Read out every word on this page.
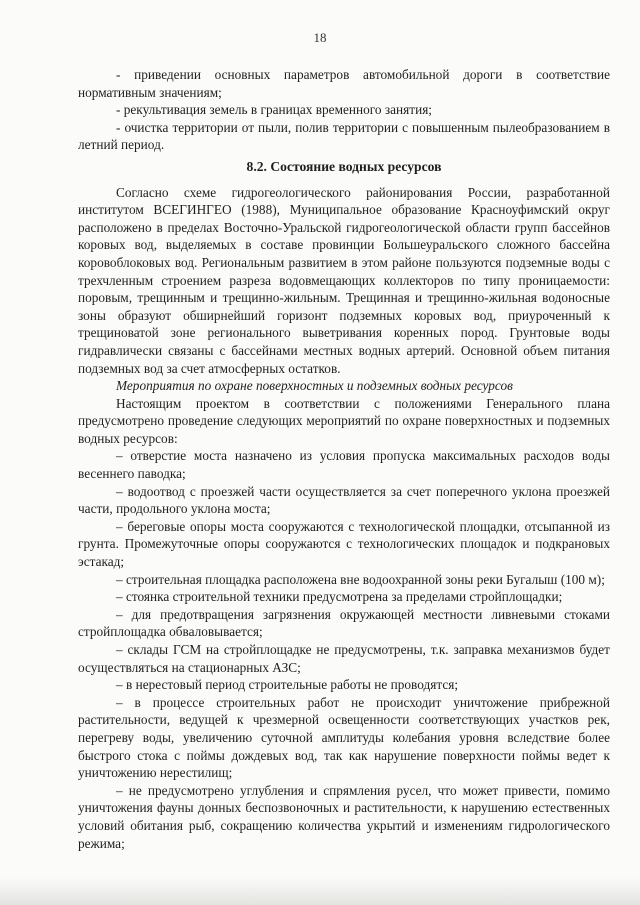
18

- приведении основных параметров автомобильной дороги в соответствие нормативным значениям;

- рекультивация земель в границах временного занятия;

- очистка территории от пыли, полив территории с повышенным пылеобразованием в летний период.

8.2. Состояние водных ресурсов

Согласно схеме гидрогеологического районирования России, разработанной институтом ВСЕГИНГЕО (1988), Муниципальное образование Красноуфимский округ расположено в пределах Восточно-Уральской гидрогеологической области групп бассейнов коровых вод, выделяемых в составе провинции Большеуральского сложного бассейна коровоблоковых вод. Региональным развитием в этом районе пользуются подземные воды с трехчленным строением разреза водовмещающих коллекторов по типу проницаемости: поровым, трещинным и трещинно-жильным. Трещинная и трещинно-жильная водоносные зоны образуют обширнейший горизонт подземных коровых вод, приуроченный к трещиноватой зоне регионального выветривания коренных пород. Грунтовые воды гидравлически связаны с бассейнами местных водных артерий. Основной объем питания подземных вод за счет атмосферных остатков.

Мероприятия по охране поверхностных и подземных водных ресурсов

Настоящим проектом в соответствии с положениями Генерального плана предусмотрено проведение следующих мероприятий по охране поверхностных и подземных водных ресурсов:

– отверстие моста назначено из условия пропуска максимальных расходов воды весеннего паводка;

– водоотвод с проезжей части осуществляется за счет поперечного уклона проезжей части, продольного уклона моста;

– береговые опоры моста сооружаются с технологической площадки, отсыпанной из грунта. Промежуточные опоры сооружаются с технологических площадок и подкрановых эстакад;

– строительная площадка расположена вне водоохранной зоны реки Бугалыш (100 м);

– стоянка строительной техники предусмотрена за пределами стройплощадки;

– для предотвращения загрязнения окружающей местности ливневыми стоками стройплощадка обваловывается;

– склады ГСМ на стройплощадке не предусмотрены, т.к. заправка механизмов будет осуществляться на стационарных АЗС;

– в нерестовый период строительные работы не проводятся;

– в процессе строительных работ не происходит уничтожение прибрежной растительности, ведущей к чрезмерной освещенности соответствующих участков рек, перегреву воды, увеличению суточной амплитуды колебания уровня вследствие более быстрого стока с поймы дождевых вод, так как нарушение поверхности поймы ведет к уничтожению нерестилищ;

– не предусмотрено углубления и спрямления русел, что может привести, помимо уничтожения фауны донных беспозвоночных и растительности, к нарушению естественных условий обитания рыб, сокращению количества укрытий и изменениям гидрологического режима;
